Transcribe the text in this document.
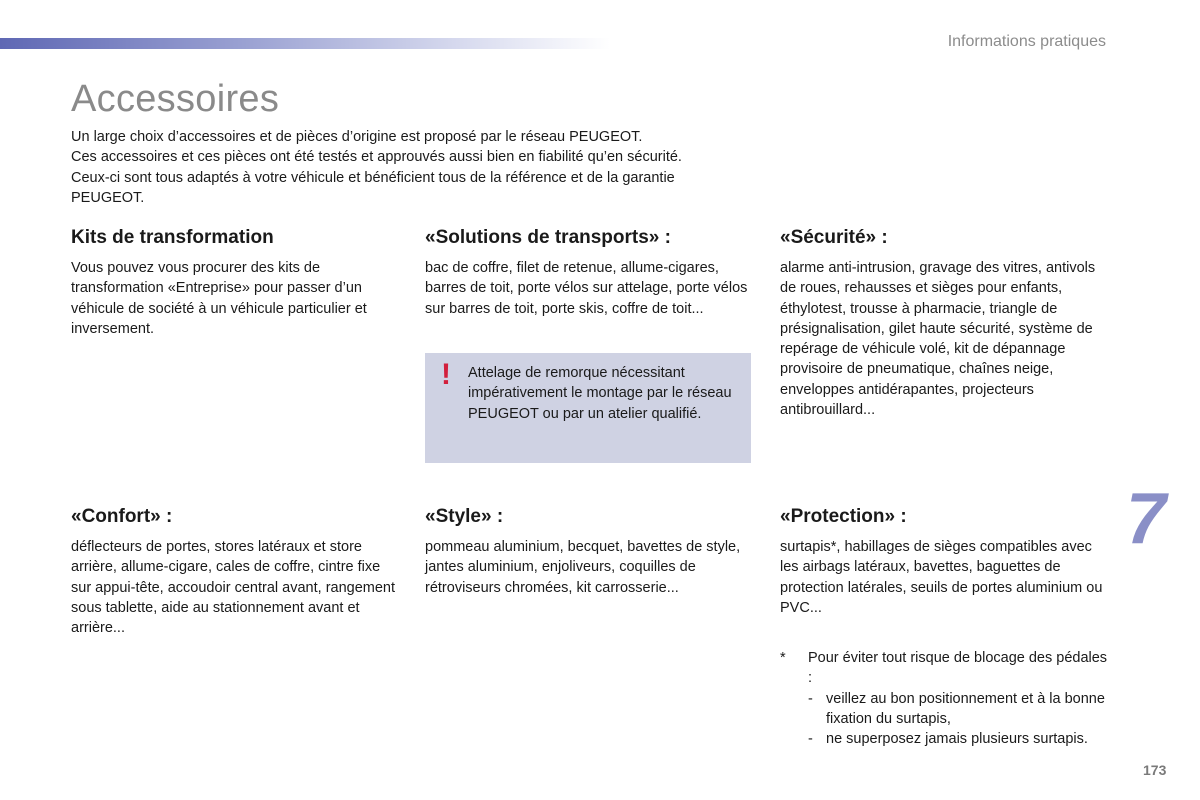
Informations pratiques
Accessoires

Un large choix d’accessoires et de pièces d’origine est proposé par le réseau PEUGEOT.

Ces accessoires et ces pièces ont été testés et approuvés aussi bien en fiabilité qu’en sécurité.

Ceux-ci sont tous adaptés à votre véhicule et bénéficient tous de la référence et de la garantie PEUGEOT.

Kits de transformation

Vous pouvez vous procurer des kits de transformation «Entreprise» pour passer d’un véhicule de société à un véhicule particulier et inversement.

«Solutions de transports» :

bac de coffre, filet de retenue, allume-cigares, barres de toit, porte vélos sur attelage, porte vélos sur barres de toit, porte skis, coffre de toit...

«Sécurité» :

alarme anti-intrusion, gravage des vitres, antivols de roues, rehausses et sièges pour enfants, éthylotest, trousse à pharmacie, triangle de présignalisation, gilet haute sécurité, système de repérage de véhicule volé, kit de dépannage provisoire de pneumatique, chaînes neige, enveloppes antidérapantes, projecteurs antibrouillard...

! Attelage de remorque nécessitant impérativement le montage par le réseau PEUGEOT ou par un atelier qualifié.
«Confort» :

déflecteurs de portes, stores latéraux et store arrière, allume-cigare, cales de coffre, cintre fixe sur appui-tête, accoudoir central avant, rangement sous tablette, aide au stationnement avant et arrière...

«Style» :

pommeau aluminium, becquet, bavettes de style, jantes aluminium, enjoliveurs, coquilles de rétroviseurs chromées, kit carrosserie...

«Protection» :

surtapis*, habillages de sièges compatibles avec les airbags latéraux, bavettes, baguettes de protection latérales, seuils de portes aluminium ou PVC...

7
*	Pour éviter tout risque de blocage des pédales :
- veillez au bon positionnement et à la bonne fixation du surtapis,
- ne superposez jamais plusieurs surtapis.
173
